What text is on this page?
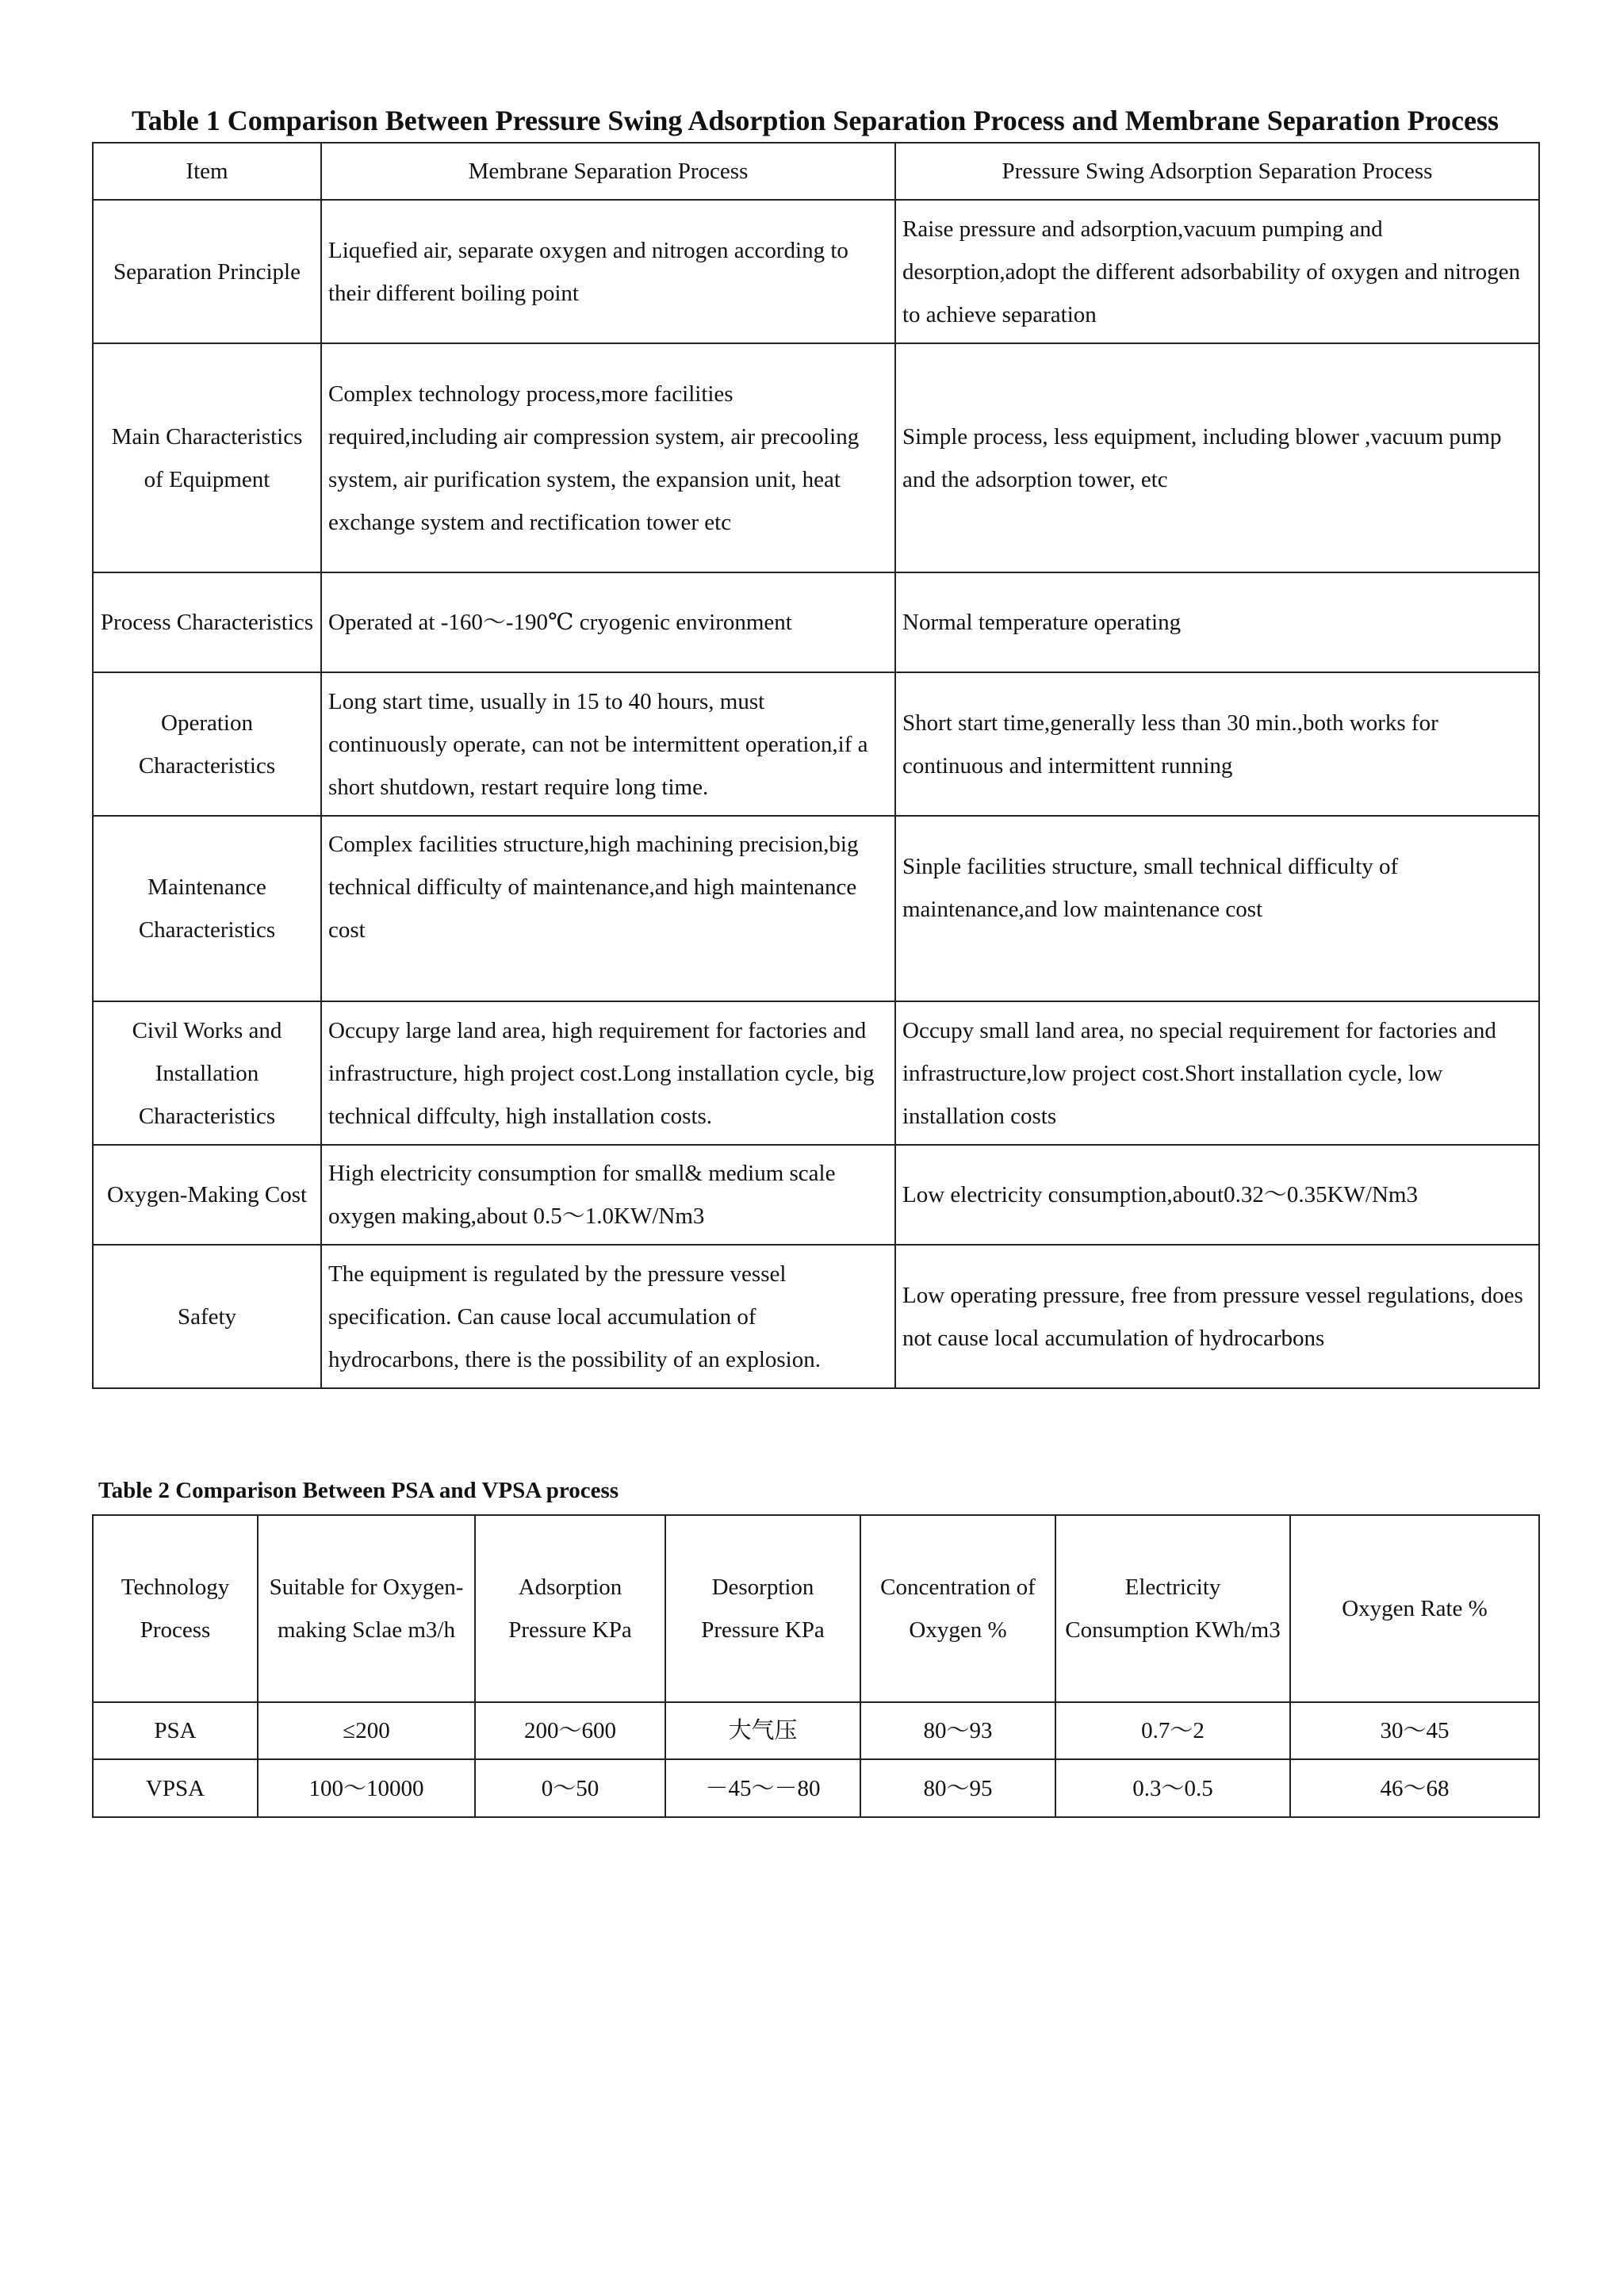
Table 1 Comparison Between Pressure Swing Adsorption Separation Process and Membrane Separation Process
Item	Membrane Separation Process	Pressure Swing Adsorption Separation Process
Separation Principle	Liquefied air, separate oxygen and nitrogen according to their different boiling point	Raise pressure and adsorption,vacuum pumping and desorption,adopt the different adsorbability of oxygen and nitrogen to achieve separation
Main Characteristics of Equipment	Complex technology process,more facilities required,including air compression system, air precooling system, air purification system, the expansion unit, heat exchange system and rectification tower etc	Simple process, less equipment, including blower ,vacuum pump and the adsorption tower, etc
Process Characteristics	Operated at -160～-190℃ cryogenic environment	Normal temperature operating
Operation Characteristics	Long start time, usually in 15 to 40 hours, must continuously operate, can not be intermittent operation,if a short shutdown, restart require long time.	Short start time,generally less than 30 min.,both works for continuous and intermittent running
Maintenance Characteristics	Complex facilities structure,high machining precision,big technical difficulty of maintenance,and high maintenance cost	Sinple facilities structure, small technical difficulty of maintenance,and low maintenance cost
Civil Works and Installation Characteristics	Occupy large land area, high requirement for factories and infrastructure, high project cost.Long installation cycle, big technical diffculty, high installation costs.	Occupy small land area, no special requirement for factories and infrastructure,low project cost.Short installation cycle, low installation costs
Oxygen-Making Cost	High electricity consumption for small& medium scale oxygen making,about 0.5～1.0KW/Nm3	Low electricity consumption,about0.32～0.35KW/Nm3
Safety	The equipment is regulated by the pressure vessel specification. Can cause local accumulation of hydrocarbons, there is the possibility of an explosion.	Low operating pressure, free from pressure vessel regulations, does not cause local accumulation of hydrocarbons
Table 2 Comparison Between PSA and VPSA process
Technology Process	Suitable for Oxygen-making Sclae m3/h	Adsorption Pressure KPa	Desorption Pressure KPa	Concentration of Oxygen %	Electricity Consumption KWh/m3	Oxygen Rate %
PSA	≤200	200～600	大气压	80～93	0.7～2	30～45
VPSA	100～10000	0～50	－45～－80	80～95	0.3～0.5	46～68
